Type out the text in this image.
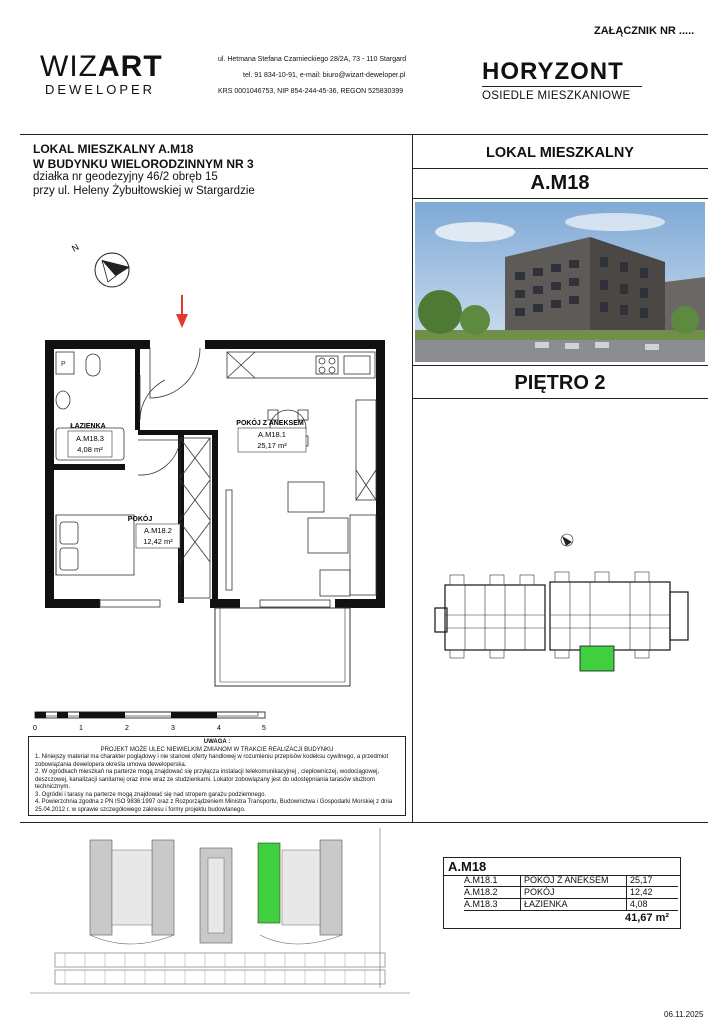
ZAŁĄCZNIK NR .....
WIZART
DEWELOPER
ul. Hetmana Stefana Czarnieckiego 28/2A, 73 - 110 Stargard
tel. 91 834-10-91, e-mail: biuro@wizart-deweloper.pl
KRS 0001046753, NIP 854-244-45-36, REGON 525830399
HORYZONT
OSIEDLE MIESZKANIOWE
LOKAL MIESZKALNY A.M18
W BUDYNKU WIELORODZINNYM NR 3
działka nr geodezyjny 46/2 obręb 15
przy ul. Heleny Żybułtowskiej w Stargardzie
LOKAL MIESZKALNY
A.M18
PIĘTRO 2
N
P
ŁAZIENKA
A.M18.3
4,08 m²
POKÓJ Z ANEKSEM
A.M18.1
25,17 m²
POKÓJ
A.M18.2
12,42 m²
0	1	2	3	4	5
UWAGA :
PROJEKT MOŻE ULEC NIEWIELKIM ZMIANOM W TRAKCIE REALIZACJI BUDYNKU
1. Niniejszy materiał ma charakter poglądowy i nie stanowi oferty handlowej w rozumieniu przepisów kodeksu cywilnego, a przedmiot zobowiązania dewelopera określa umowa deweloperska.
2. W ogródkach mieszkań na parterze mogą znajdować się przyłącza instalacji telekomunikacyjnej , ciepłowniczej, wodociągowej, deszczowej, kanalizacji sanitarnej oraz inne wraz ze studzienkami. Lokator zobowiązany jest do udostępniania tarasów służbom technicznym.
3. Ogródki i tarasy na parterze mogą znajdować się nad stropem garażu podziemnego.
4. Powierzchnia zgodna z PN ISO 9836:1997 oraz z Rozporządzeniem Ministra Transportu, Budownictwa i Gospodarki Morskiej z dnia 25.04.2012 r. w sprawie szczegółowego zakresu i formy projektu budowlanego.
A.M18
A.M18.1	POKÓJ Z ANEKSEM	25,17
A.M18.2	POKÓJ	12,42
A.M18.3	ŁAZIENKA	4,08
41,67 m²
06.11.2025
